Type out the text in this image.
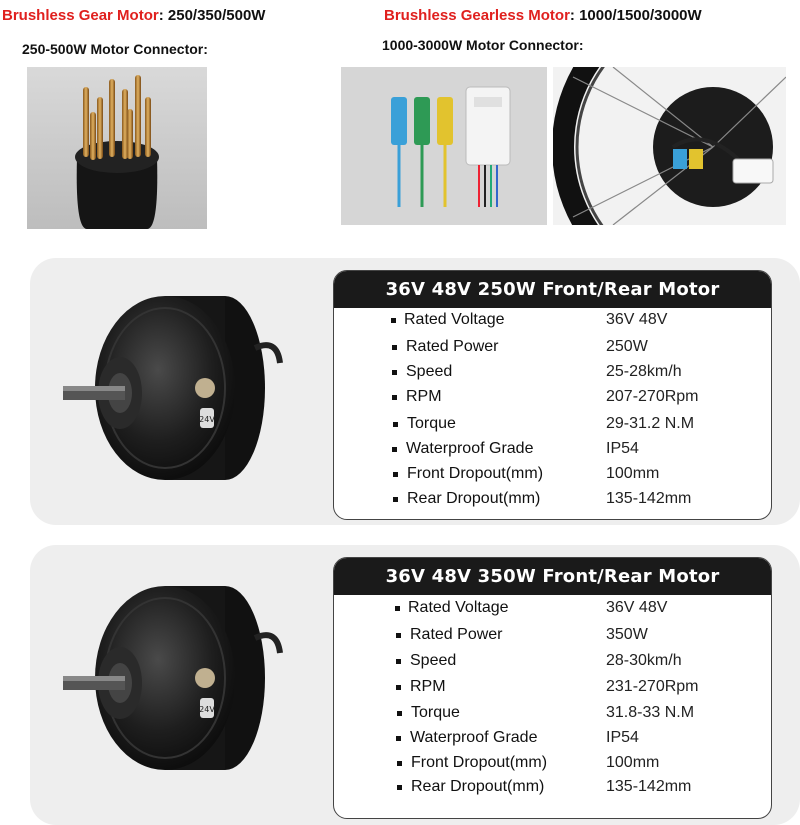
Brushless Gear Motor: 250/350/500W
250-500W Motor Connector:
Brushless Gearless Motor: 1000/1500/3000W
1000-3000W Motor Connector:
24V
36V 48V 250W Front/Rear Motor
Rated Voltage	36V 48V
Rated Power	250W
Speed	25-28km/h
RPM	207-270Rpm
Torque	29-31.2 N.M
Waterproof Grade	IP54
Front Dropout(mm)	100mm
Rear Dropout(mm)	135-142mm
24V
36V 48V 350W Front/Rear Motor
Rated Voltage	36V 48V
Rated Power	350W
Speed	28-30km/h
RPM	231-270Rpm
Torque	31.8-33 N.M
Waterproof Grade	IP54
Front Dropout(mm)	100mm
Rear Dropout(mm)	135-142mm
